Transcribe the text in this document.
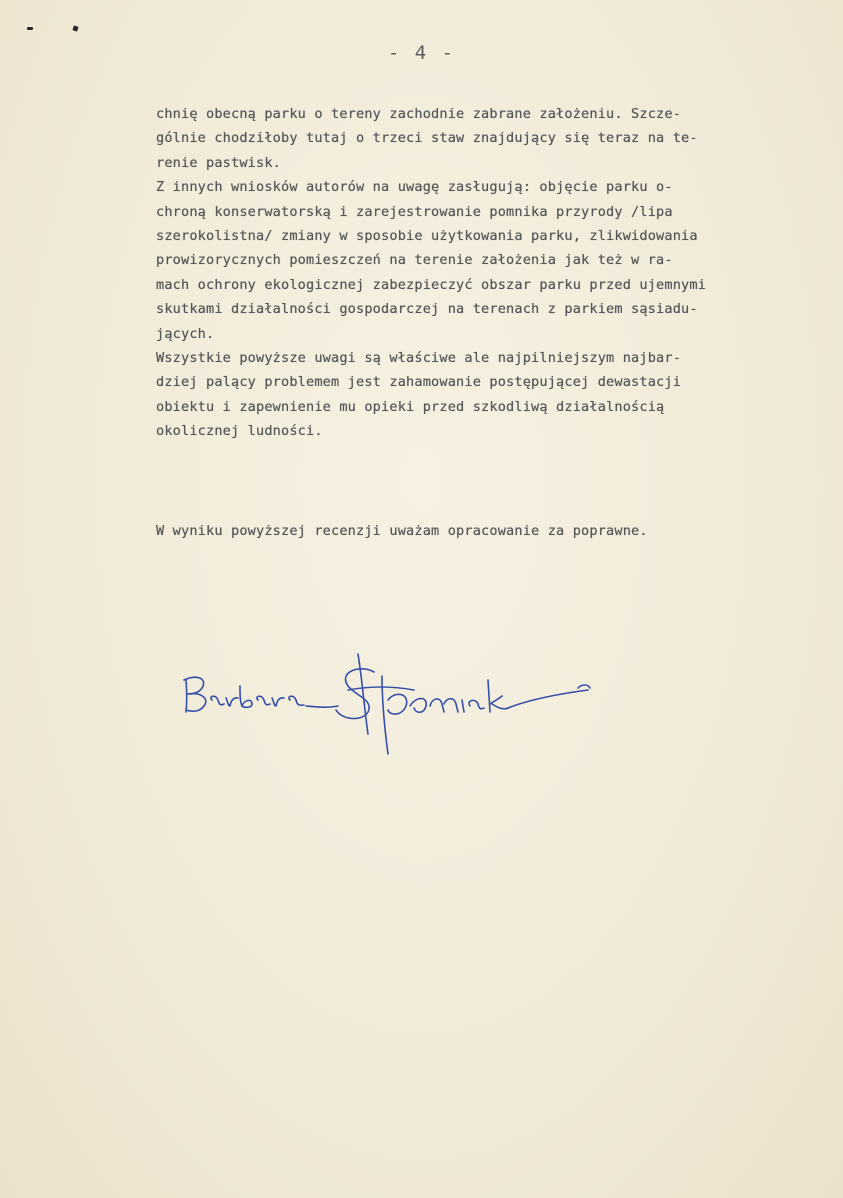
- 4 -
chnię obecną parku o tereny zachodnie zabrane założeniu. Szcze-
gólnie chodziłoby tutaj o trzeci staw znajdujący się teraz na te-
renie pastwisk.
Z innych wniosków autorów na uwagę zasługują: objęcie parku o-
chroną konserwatorską i zarejestrowanie pomnika przyrody /lipa
szerokolistna/ zmiany w sposobie użytkowania parku, zlikwidowania
prowizorycznych pomieszczeń na terenie założenia jak też w ra-
mach ochrony ekologicznej zabezpieczyć obszar parku przed ujemnymi
skutkami działalności gospodarczej na terenach z parkiem sąsiadu-
jących.
Wszystkie powyższe uwagi są właściwe ale najpilniejszym najbar-
dziej palący problemem jest zahamowanie postępującej dewastacji
obiektu i zapewnienie mu opieki przed szkodliwą działalnością
okolicznej ludności.
W wyniku powyższej recenzji uważam opracowanie za poprawne.
